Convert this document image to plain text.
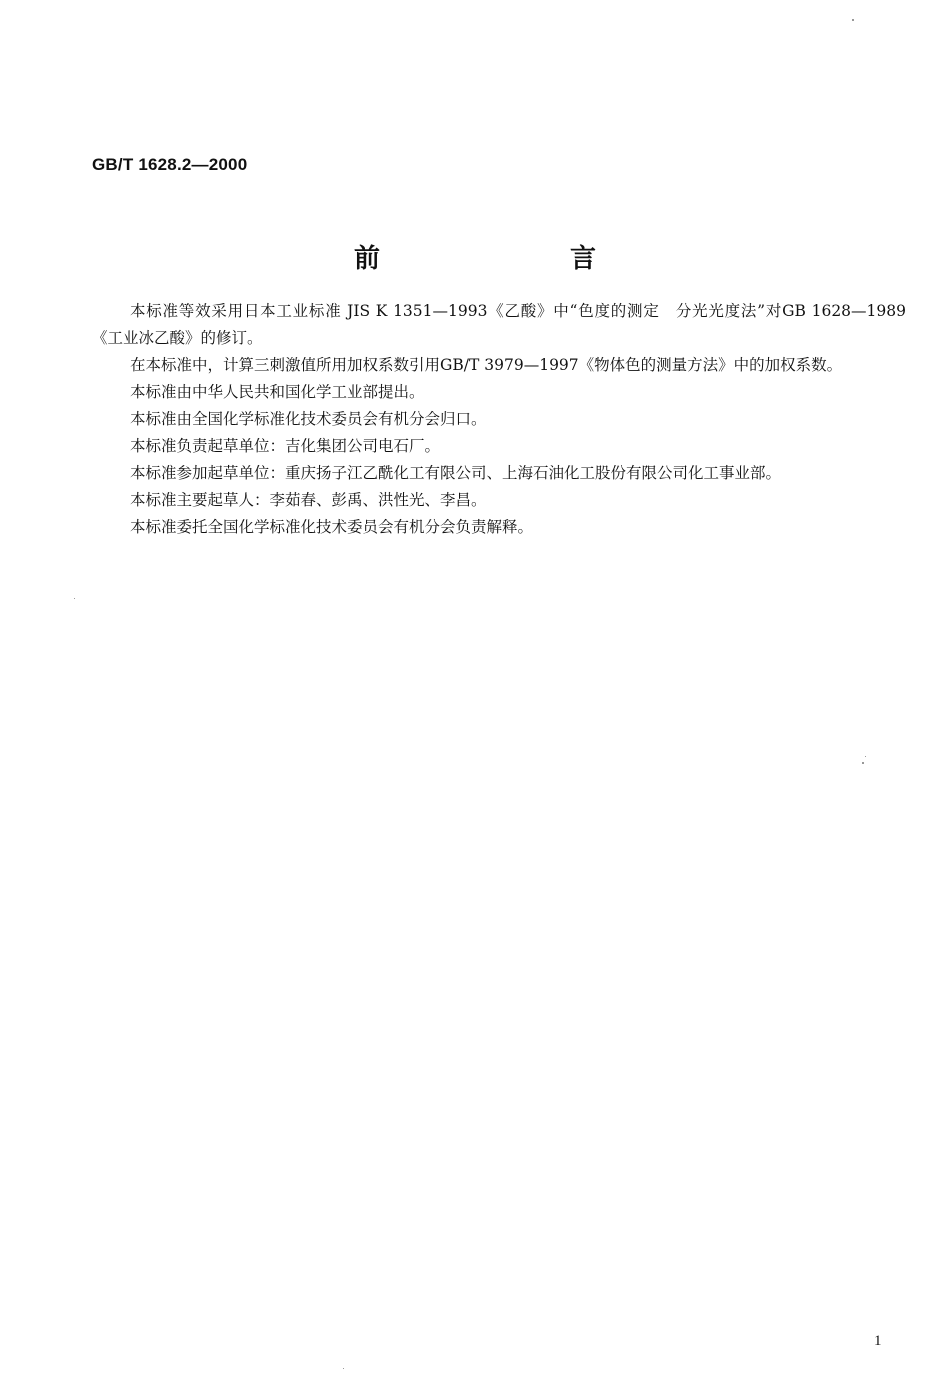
GB/T 1628.2—2000
前　言

本标准等效采用日本工业标准 JIS K 1351—1993《乙酸》中“色度的测定　分光光度法”对GB 1628—1989《工业冰乙酸》的修订。

在本标准中，计算三刺激值所用加权系数引用GB/T 3979—1997《物体色的测量方法》中的加权系数。

本标准由中华人民共和国化学工业部提出。

本标准由全国化学标准化技术委员会有机分会归口。

本标准负责起草单位：吉化集团公司电石厂。

本标准参加起草单位：重庆扬子江乙酰化工有限公司、上海石油化工股份有限公司化工事业部。

本标准主要起草人：李茹春、彭禹、洪性光、李昌。

本标准委托全国化学标准化技术委员会有机分会负责解释。

1
